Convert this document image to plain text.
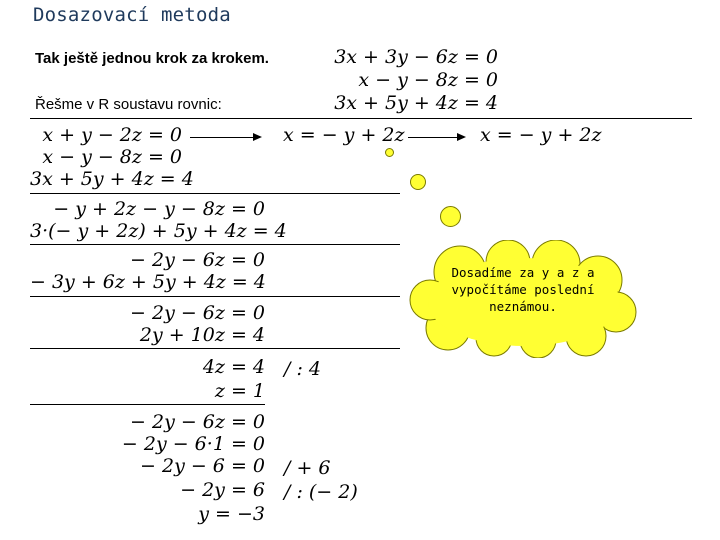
Dosazovací metoda
Tak ještě jednou krok za krokem.
Řešme v R soustavu rovnic:
3x + 3y − 6z = 0
x − y − 8z = 0
3x + 5y + 4z = 4
x + y − 2z = 0
x − y − 8z = 0
3x + 5y + 4z = 4
x = − y + 2z	x = − y + 2z
− y + 2z − y − 8z = 0
3·(− y + 2z) + 5y + 4z = 4
− 2y − 6z = 0
− 3y + 6z + 5y + 4z = 4
− 2y − 6z = 0
2y + 10z = 4
4z = 4
z = 1
/ : 4
− 2y − 6z = 0
− 2y − 6·1 = 0
− 2y − 6 = 0
− 2y = 6
y = −3
/ + 6
/ : (− 2)
Dosadíme za y a z a vypočítáme poslední neznámou.
